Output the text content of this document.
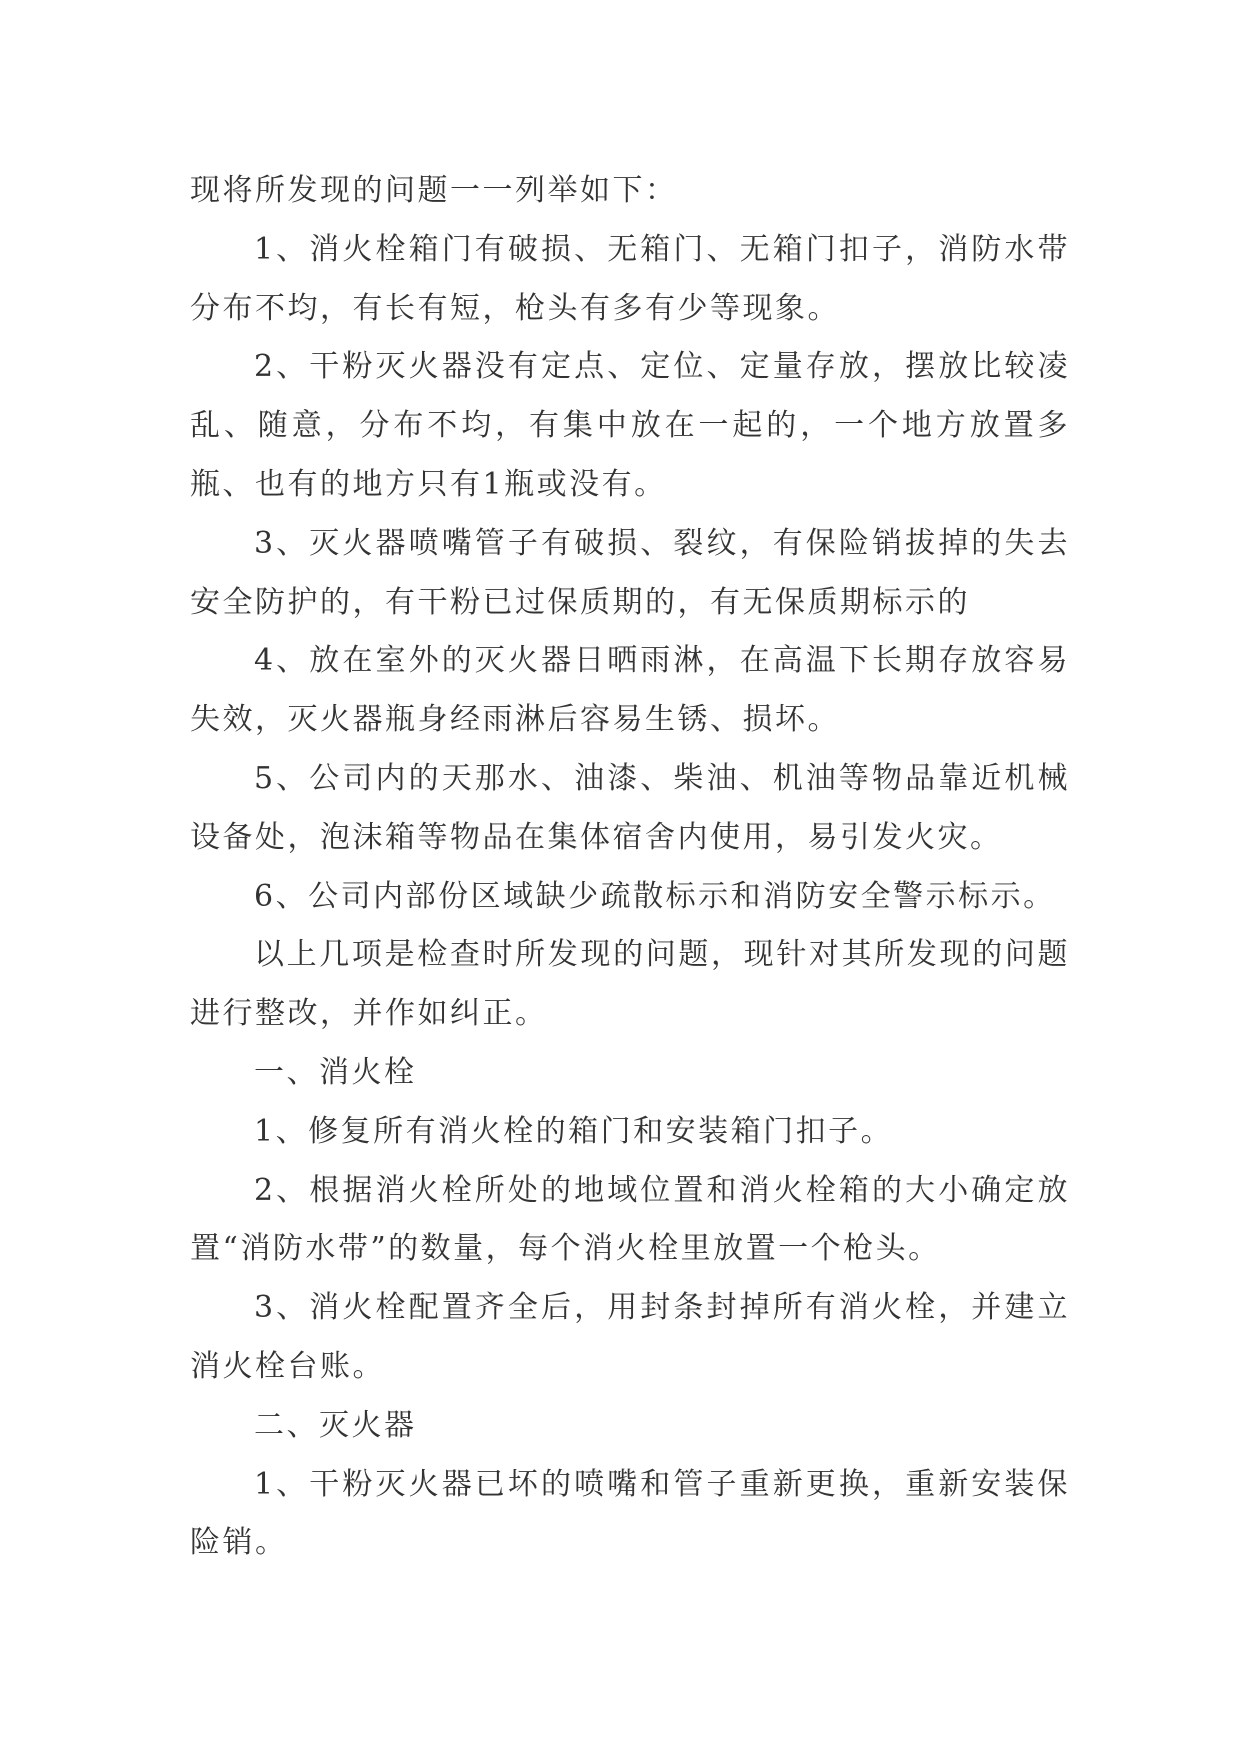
现将所发现的问题一一列举如下：

1、消火栓箱门有破损、无箱门、无箱门扣子，消防水带分布不均，有长有短，枪头有多有少等现象。

2、干粉灭火器没有定点、定位、定量存放，摆放比较凌乱、随意，分布不均，有集中放在一起的，一个地方放置多瓶、也有的地方只有1瓶或没有。

3、灭火器喷嘴管子有破损、裂纹，有保险销拔掉的失去安全防护的，有干粉已过保质期的，有无保质期标示的

4、放在室外的灭火器日晒雨淋，在高温下长期存放容易失效，灭火器瓶身经雨淋后容易生锈、损坏。

5、公司内的天那水、油漆、柴油、机油等物品靠近机械设备处，泡沫箱等物品在集体宿舍内使用，易引发火灾。

6、公司内部份区域缺少疏散标示和消防安全警示标示。

以上几项是检查时所发现的问题，现针对其所发现的问题进行整改，并作如纠正。

一、消火栓

1、修复所有消火栓的箱门和安装箱门扣子。

2、根据消火栓所处的地域位置和消火栓箱的大小确定放置“消防水带”的数量，每个消火栓里放置一个枪头。

3、消火栓配置齐全后，用封条封掉所有消火栓，并建立消火栓台账。

二、灭火器

1、干粉灭火器已坏的喷嘴和管子重新更换，重新安装保险销。
